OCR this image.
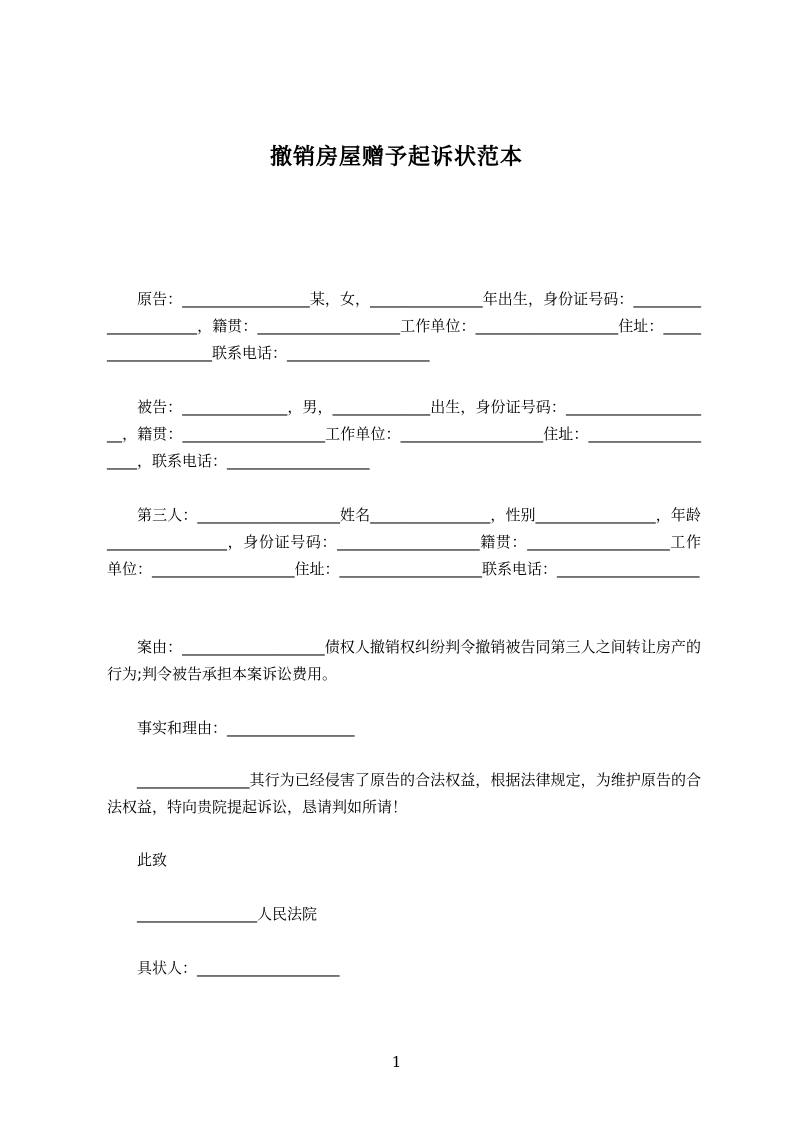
撤销房屋赠予起诉状范本

原告：_________________某，女，_______________年出生，身份证号码：_____________________，籍贯：___________________工作单位：___________________住址：___________________联系电话：___________________

被告：______________，男，_____________出生，身份证号码：____________________，籍贯：___________________工作单位：___________________住址：___________________，联系电话：___________________

第三人：___________________姓名________________，性别________________，年龄________________，身份证号码：___________________籍贯：___________________工作单位：___________________住址：___________________联系电话：___________________

案由：___________________债权人撤销权纠纷判令撤销被告同第三人之间转让房产的行为;判令被告承担本案诉讼费用。

事实和理由：_________________

_______________其行为已经侵害了原告的合法权益，根据法律规定，为维护原告的合法权益，特向贵院提起诉讼，恳请判如所请！

此致
________________人民法院
具状人：___________________
1
